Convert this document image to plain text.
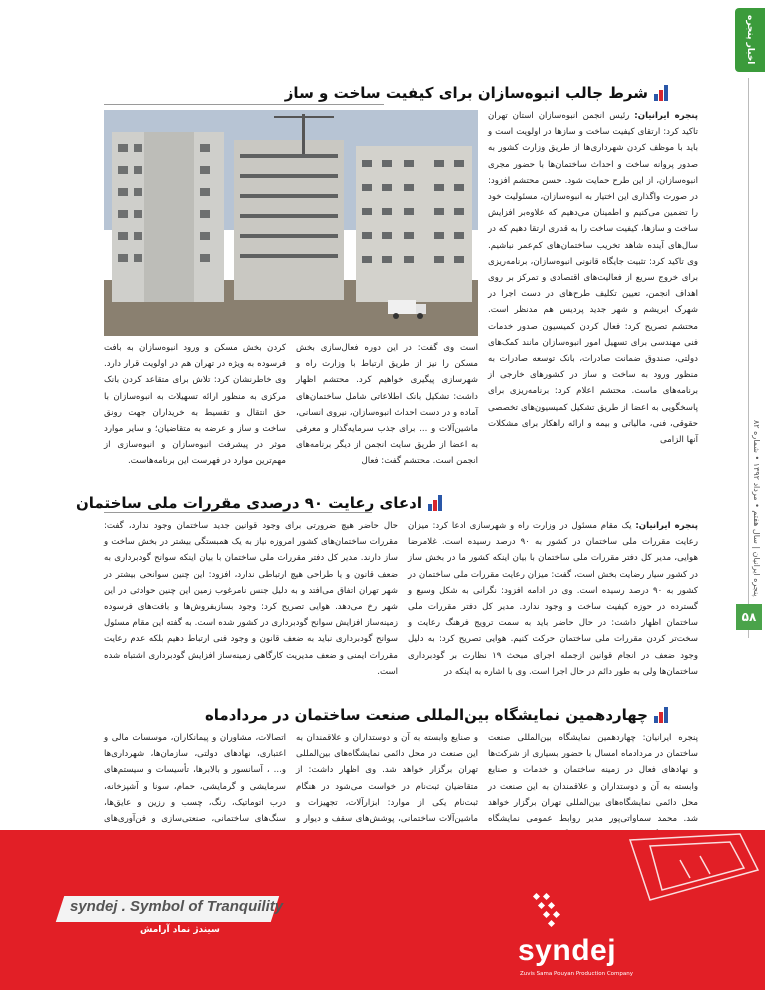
اخبار پنجره
پنجره ایرانیان | سال هفتم • مرداد ۱۳۹۲ • شماره ۸۲
۵۸
شرط جالب انبوه‌سازان برای کیفیت ساخت و ساز
پنجره ایرانیان: رئیس انجمن انبوه‌سازان استان تهران تاکید کرد: ارتقای کیفیت ساخت و سازها در اولویت است و باید با موظف کردن شهرداری‌ها از طریق وزارت کشور به صدور پروانه ساخت و احداث ساختمان‌ها با حضور مجری انبوه‌سازان، از این طرح حمایت شود. حسن محتشم افزود: در صورت واگذاری این اختیار به انبوه‌سازان، مسئولیت خود را تضمین می‌کنیم و اطمینان می‌دهیم که علاوه‌بر افزایش ساخت و سازها، کیفیت ساخت را به قدری ارتقا دهیم که در سال‌های آینده شاهد تخریب ساختمان‌های کم‌عمر نباشیم. وی تاکید کرد: تثبیت جایگاه قانونی انبوه‌سازان، برنامه‌ریزی برای خروج سریع از فعالیت‌های اقتصادی و تمرکز بر روی اهداف انجمن، تعیین تکلیف طرح‌های در دست اجرا در شهرک ابریشم و شهر جدید پردیس هم مدنظر است. محتشم تصریح کرد: فعال کردن کمیسیون صدور خدمات فنی مهندسی برای تسهیل امور انبوه‌سازان مانند کمک‌های دولتی، صندوق ضمانت صادرات، بانک توسعه صادرات به منظور ورود به ساخت و ساز در کشورهای خارجی از برنامه‌های ماست. محتشم اعلام کرد: برنامه‌ریزی برای پاسخگویی به اعضا از طریق تشکیل کمیسیون‌های تخصصی حقوقی، فنی، مالیاتی و بیمه و ارائه راهکار برای مشکلات آنها الزامی
است وی گفت: در این دوره فعال‌سازی بخش مسکن را نیز از طریق ارتباط با وزارت راه و شهرسازی پیگیری خواهیم کرد. محتشم اظهار داشت: تشکیل بانک اطلاعاتی شامل ساختمان‌های آماده و در دست احداث انبوه‌سازان، نیروی انسانی، ماشین‌آلات و ... برای جذب سرمایه‌گذار و معرفی به اعضا از طریق سایت انجمن از دیگر برنامه‌های انجمن است. محتشم گفت: فعال
کردن بخش مسکن و ورود انبوه‌سازان به بافت فرسوده به ویژه در تهران هم در اولویت قرار دارد. وی خاطرنشان کرد: تلاش برای متقاعد کردن بانک مرکزی به منظور ارائه تسهیلات به انبوه‌سازان با حق انتقال و تقسیط به خریداران جهت رونق ساخت و ساز و عرضه به متقاضیان؛ و سایر موارد موثر در پیشرفت انبوه‌سازان و انبوه‌سازی از مهم‌ترین موارد در فهرست این برنامه‌هاست.
ادعای رعایت ۹۰ درصدی مقررات ملی ساختمان
پنجره ایرانیان: یک مقام مسئول در وزارت راه و شهرسازی ادعا کرد: میزان رعایت مقررات ملی ساختمان در کشور به ۹۰ درصد رسیده است. غلامرضا هوایی، مدیر کل دفتر مقررات ملی ساختمان با بیان اینکه کشور ما در بخش ساز در کشور سیار رضایت بخش است، گفت: میزان رعایت مقررات ملی ساختمان در کشور به ۹۰ درصد رسیده است. وی در ادامه افزود: نگرانی به شکل وسیع و گسترده در حوزه کیفیت ساخت و وجود ندارد. مدیر کل دفتر مقررات ملی ساختمان اظهار داشت: در حال حاضر باید به سمت ترویج فرهنگ رعایت و سخت‌تر کردن مقررات ملی ساختمان حرکت کنیم. هوایی تصریح کرد: به دلیل وجود ضعف در انجام قوانین ازجمله اجرای مبحث ۱۹ نظارت بر گودبرداری ساختمان‌ها ولی به طور دائم در حال اجرا است. وی با اشاره به اینکه در
حال حاضر هیچ ضرورتی برای وجود قوانین جدید ساختمان وجود ندارد، گفت: مقررات ساختمان‌های کشور امروزه نیاز به یک همبستگی بیشتر در بخش ساخت و ساز دارند. مدیر کل دفتر مقررات ملی ساختمان با بیان اینکه سوانح گودبرداری به ضعف قانون و یا طراحی هیچ ارتباطی ندارد، افزود: این چنین سوانحی بیشتر در شهر تهران اتفاق می‌افتد و به دلیل جنس نامرغوب زمین این چنین حوادثی در این شهر رخ می‌دهد. هوایی تصریح کرد: وجود بسازبفروش‌ها و بافت‌های فرسوده زمینه‌ساز افزایش سوانح گودبرداری در کشور شده است. به گفته این مقام مسئول سوانح گودبرداری نباید به ضعف قانون و وجود فنی ارتباط دهیم بلکه عدم رعایت مقررات ایمنی و ضعف مدیریت کارگاهی زمینه‌ساز افزایش گودبرداری اشتباه شده است.
چهاردهمین نمایشگاه بین‌المللی صنعت ساختمان در مردادماه
پنجره ایرانیان: چهاردهمین نمایشگاه بین‌المللی صنعت ساختمان در مردادماه امسال با حضور بسیاری از شرکت‌ها و نهادهای فعال در زمینه ساختمان و خدمات و صنایع وابسته به آن و دوستداران و علاقمندان به این صنعت در محل دائمی نمایشگاه‌های بین‌المللی تهران برگزار خواهد شد. محمد سماواتی‌پور مدیر روابط عمومی نمایشگاه
و صنایع وابسته به آن و دوستداران و علاقمندان به این صنعت در محل دائمی نمایشگاه‌های بین‌المللی تهران برگزار خواهد شد. وی اظهار داشت: از متقاضیان ثبت‌نام در خواست می‌شود در هنگام ثبت‌نام یکی از موارد: ابزارآلات، تجهیزات و ماشین‌آلات ساختمانی، پوشش‌های سقف و دیوار و
اتصالات، مشاوران و پیمانکاران، موسسات مالی و اعتباری، نهادهای دولتی، سازمان‌ها، شهرداری‌ها و... ، آسانسور و بالابرها، تأسیسات و سیستم‌های سرمایشی و گرمایشی، حمام، سونا و آشپزخانه، درب اتوماتیک، رنگ، چسب و رزین و عایق‌ها، سنگ‌های ساختمانی، صنعتی‌سازی و فن‌آوری‌های
syndej . Symbol of Tranquility
سیندژ نماد آرامش
syndej
Zuvis Sama Pouyan Production Company
